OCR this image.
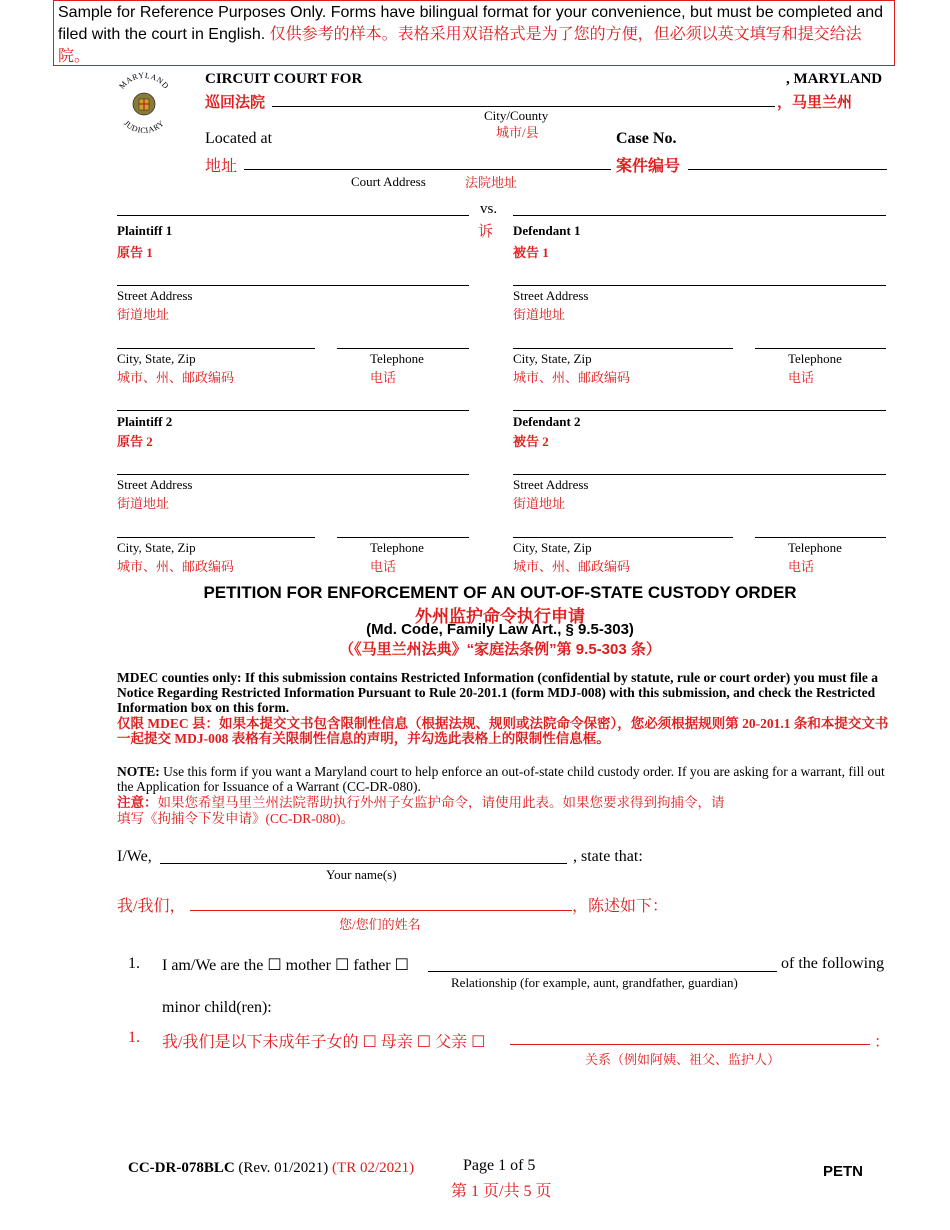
Sample for Reference Purposes Only. Forms have bilingual format for your convenience, but must be completed and filed with the court in English. 仅供参考的样本。表格采用双语格式是为了您的方便，但必须以英文填写和提交给法院。
MARYLAND
JUDICIARY
CIRCUIT COURT FOR
巡回法院
, MARYLAND
，马里兰州
City/County
城市/县
Located at
地址
Court Address	法院地址
Case No.
案件编号
vs.
诉
Plaintiff 1
原告 1
Defendant 1
被告 1
Street Address
街道地址
Street Address
街道地址
City, State, Zip
城市、州、邮政编码
Telephone
电话
City, State, Zip
城市、州、邮政编码
Telephone
电话
Plaintiff 2
原告 2
Defendant 2
被告 2
Street Address
街道地址
Street Address
街道地址
City, State, Zip
城市、州、邮政编码
Telephone
电话
City, State, Zip
城市、州、邮政编码
Telephone
电话
PETITION FOR ENFORCEMENT OF AN OUT-OF-STATE CUSTODY ORDER
外州监护命令执行申请
(Md. Code, Family Law Art., § 9.5-303)
（《马里兰州法典》“家庭法条例”第 9.5-303 条）
MDEC counties only: If this submission contains Restricted Information (confidential by statute, rule or court order) you must file a Notice Regarding Restricted Information Pursuant to Rule 20-201.1 (form MDJ-008) with this submission, and check the Restricted Information box on this form.
仅限 MDEC 县：如果本提交文书包含限制性信息（根据法规、规则或法院命令保密），您必须根据规则第 20-201.1 条和本提交文书一起提交 MDJ-008 表格有关限制性信息的声明，并勾选此表格上的限制性信息框。
NOTE: Use this form if you want a Maryland court to help enforce an out-of-state child custody order. If you are asking for a warrant, fill out the Application for Issuance of a Warrant (CC-DR-080).
注意：如果您希望马里兰州法院帮助执行外州子女监护命令，请使用此表。如果您要求得到拘捕令，请
填写《拘捕令下发申请》(CC-DR-080)。
I/We,	, state that:
Your name(s)
我/我们，	，陈述如下：
您/您们的姓名
1. I am/We are the ☐ mother ☐ father ☐	of the following
Relationship (for example, aunt, grandfather, guardian)
minor child(ren):
1. 我/我们是以下未成年子女的 ☐ 母亲 ☐ 父亲 ☐	：
关系（例如阿姨、祖父、监护人）
CC-DR-078BLC (Rev. 01/2021) (TR 02/2021)	Page 1 of 5
第 1 页/共 5 页
PETN
